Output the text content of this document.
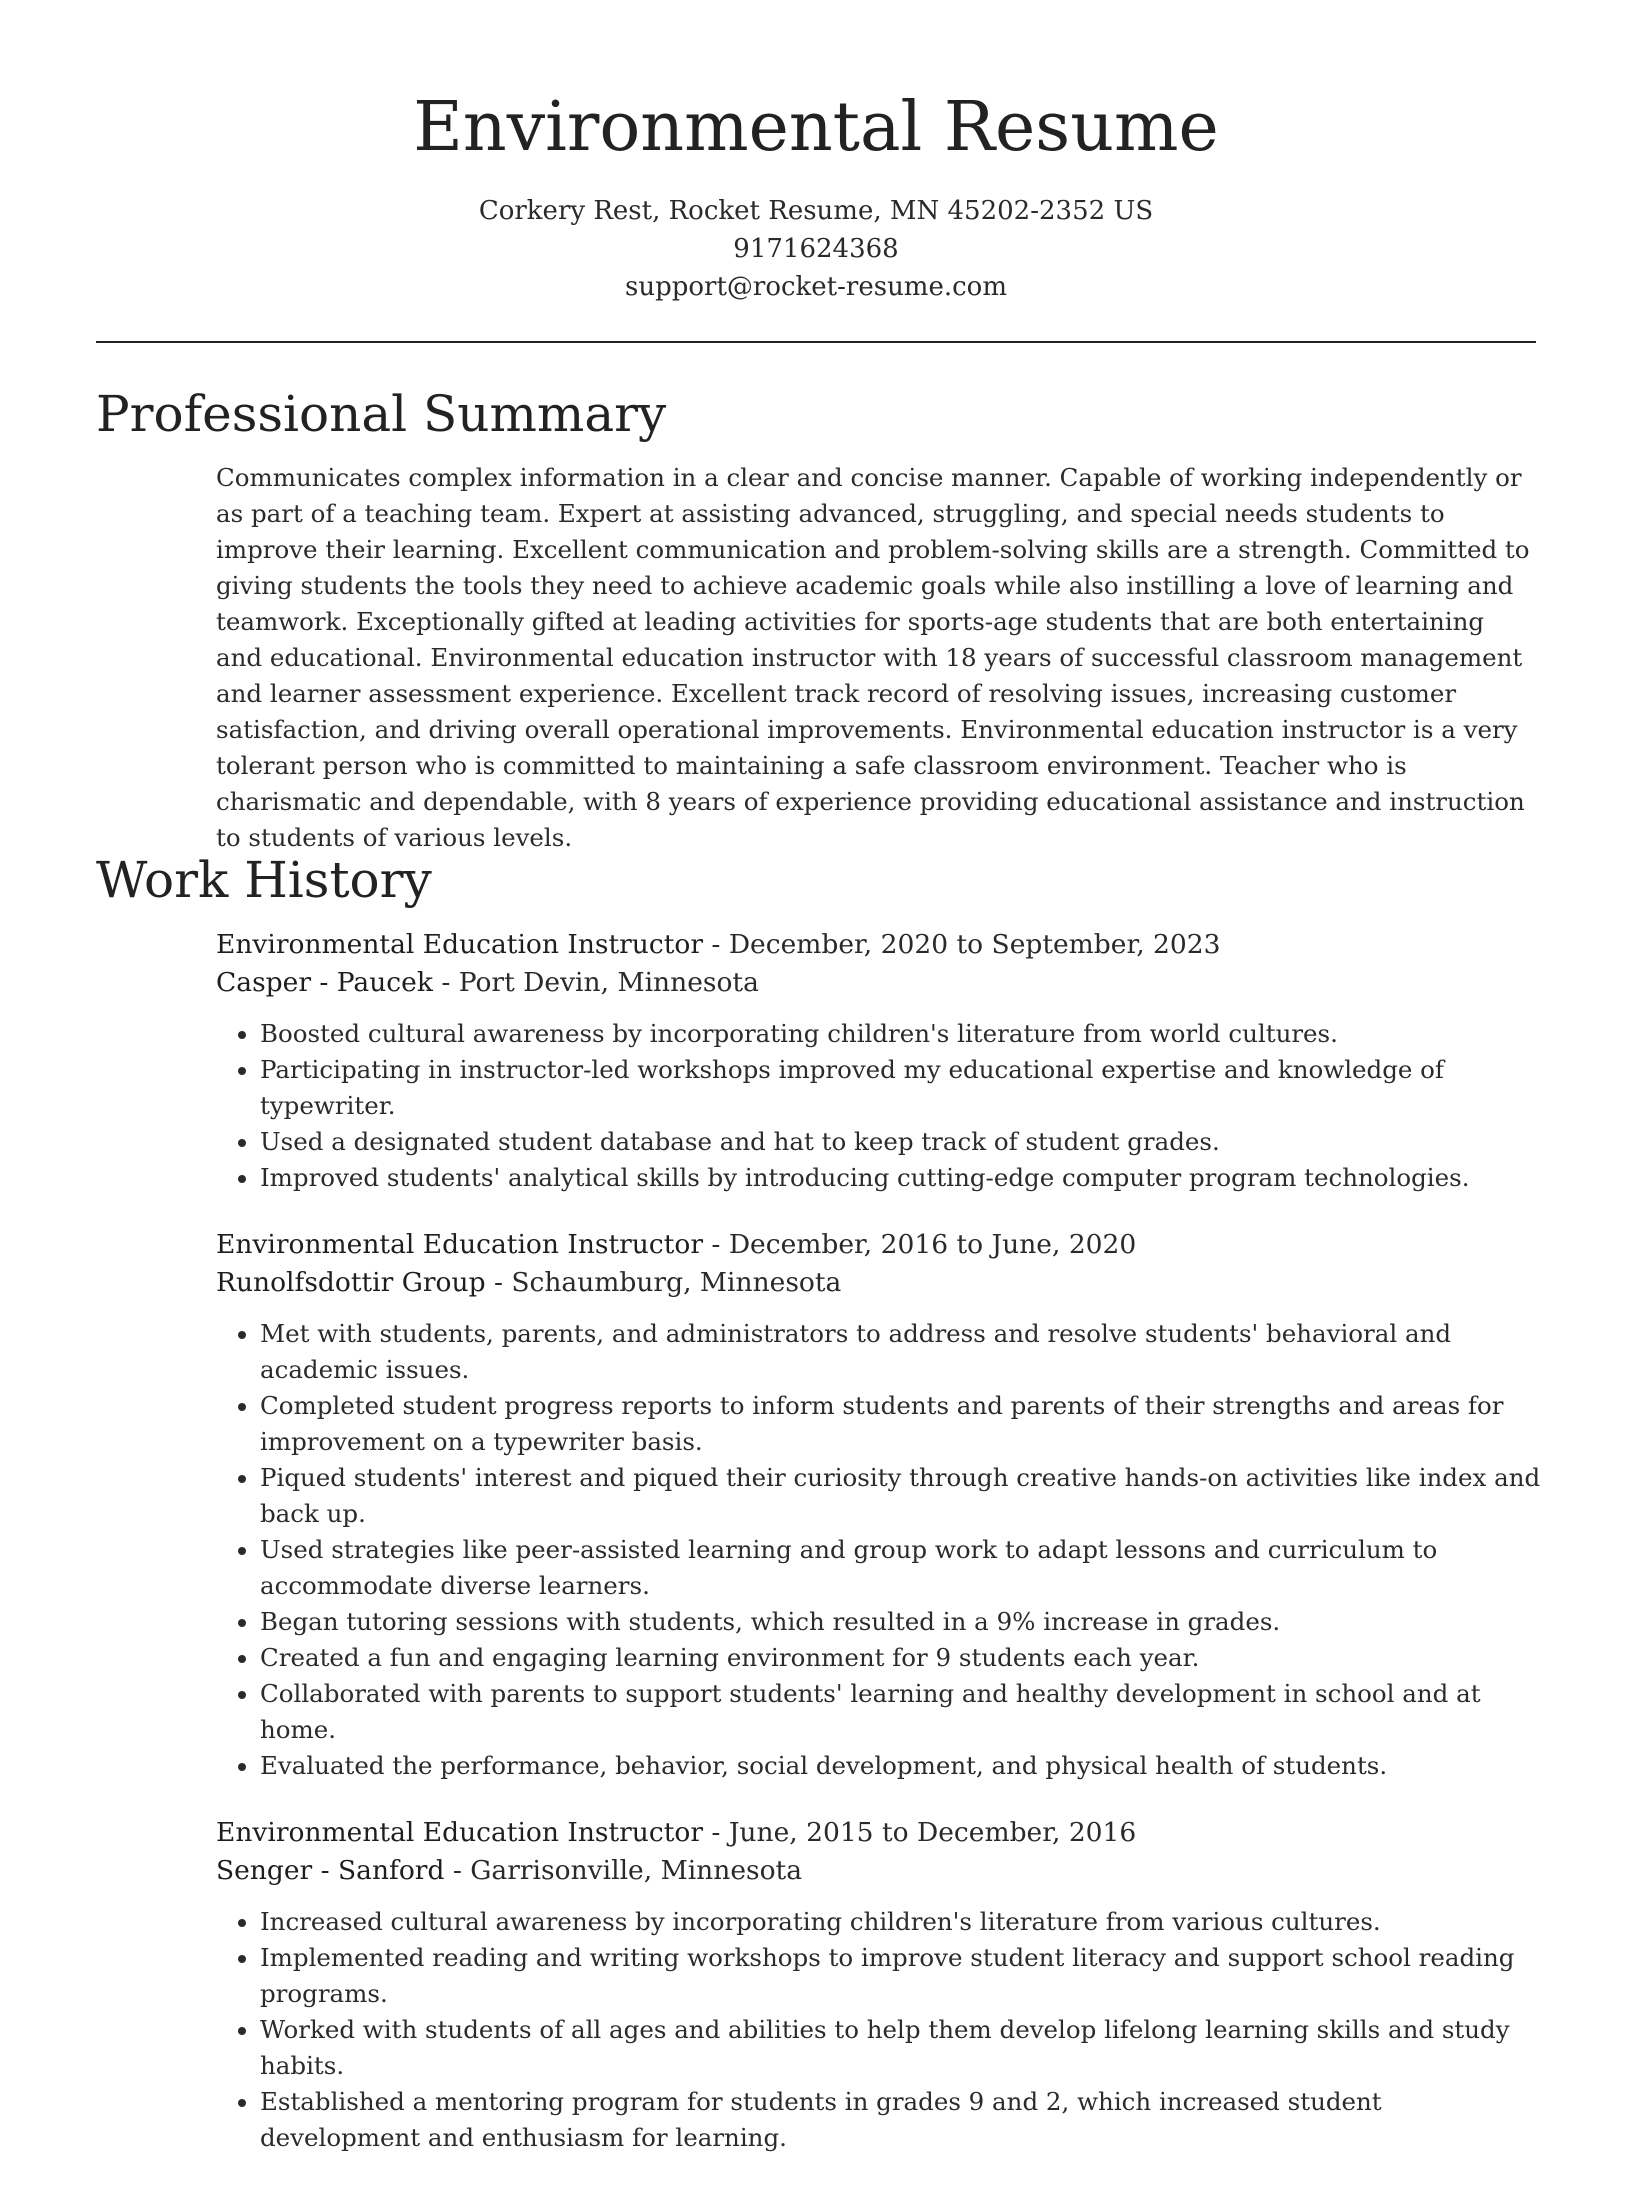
Environmental Resume
Corkery Rest, Rocket Resume, MN 45202-2352 US
9171624368
support@rocket-resume.com
Professional Summary

Communicates complex information in a clear and concise manner. Capable of working independently or as part of a teaching team. Expert at assisting advanced, struggling, and special needs students to improve their learning. Excellent communication and problem-solving skills are a strength. Committed to giving students the tools they need to achieve academic goals while also instilling a love of learning and teamwork. Exceptionally gifted at leading activities for sports-age students that are both entertaining and educational. Environmental education instructor with 18 years of successful classroom management and learner assessment experience. Excellent track record of resolving issues, increasing customer satisfaction, and driving overall operational improvements. Environmental education instructor is a very tolerant person who is committed to maintaining a safe classroom environment. Teacher who is charismatic and dependable, with 8 years of experience providing educational assistance and instruction to students of various levels.

Work History
Environmental Education Instructor - December, 2020 to September, 2023
Casper - Paucek - Port Devin, Minnesota
• Boosted cultural awareness by incorporating children's literature from world cultures.
• Participating in instructor-led workshops improved my educational expertise and knowledge of typewriter.
• Used a designated student database and hat to keep track of student grades.
• Improved students' analytical skills by introducing cutting-edge computer program technologies.
Environmental Education Instructor - December, 2016 to June, 2020
Runolfsdottir Group - Schaumburg, Minnesota
• Met with students, parents, and administrators to address and resolve students' behavioral and academic issues.
• Completed student progress reports to inform students and parents of their strengths and areas for improvement on a typewriter basis.
• Piqued students' interest and piqued their curiosity through creative hands-on activities like index and back up.
• Used strategies like peer-assisted learning and group work to adapt lessons and curriculum to accommodate diverse learners.
• Began tutoring sessions with students, which resulted in a 9% increase in grades.
• Created a fun and engaging learning environment for 9 students each year.
• Collaborated with parents to support students' learning and healthy development in school and at home.
• Evaluated the performance, behavior, social development, and physical health of students.
Environmental Education Instructor - June, 2015 to December, 2016
Senger - Sanford - Garrisonville, Minnesota
• Increased cultural awareness by incorporating children's literature from various cultures.
• Implemented reading and writing workshops to improve student literacy and support school reading programs.
• Worked with students of all ages and abilities to help them develop lifelong learning skills and study habits.
• Established a mentoring program for students in grades 9 and 2, which increased student development and enthusiasm for learning.
